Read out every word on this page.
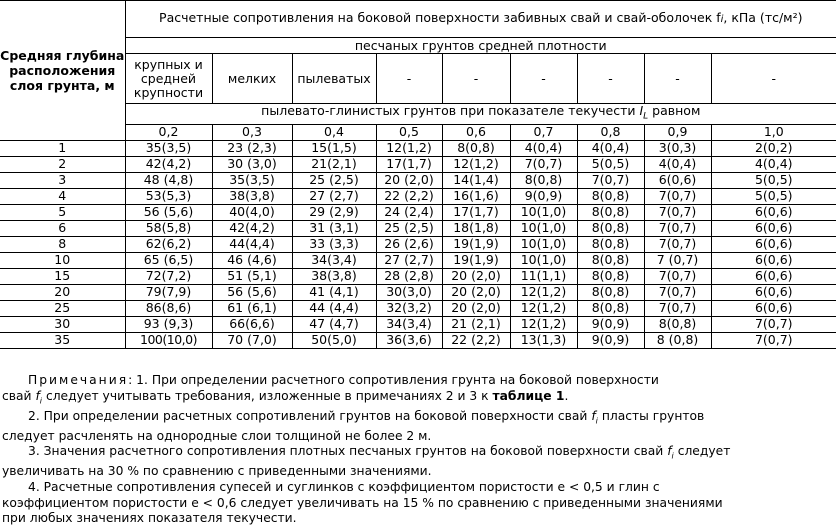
Средняя глубина расположения слоя грунта, м	Расчетные сопротивления на боковой поверхности забивных свай и свай-оболочек fi, кПа (тс/м²)								
	песчаных грунтов средней плотности								
	крупных и средней крупности	мелких	пылеватых	-	-	-	-	-	-
	пылевато-глинистых грунтов при показателе текучести $I_L$ равном								
	0,2	0,3	0,4	0,5	0,6	0,7	0,8	0,9	1,0
1	35(3,5)	23 (2,3)	15(1,5)	12(1,2)	8(0,8)	4(0,4)	4(0,4)	3(0,3)	2(0,2)
2	42(4,2)	30 (3,0)	21(2,1)	17(1,7)	12(1,2)	7(0,7)	5(0,5)	4(0,4)	4(0,4)
3	48 (4,8)	35(3,5)	25 (2,5)	20 (2,0)	14(1,4)	8(0,8)	7(0,7)	6(0,6)	5(0,5)
4	53(5,3)	38(3,8)	27 (2,7)	22 (2,2)	16(1,6)	9(0,9)	8(0,8)	7(0,7)	5(0,5)
5	56 (5,6)	40(4,0)	29 (2,9)	24 (2,4)	17(1,7)	10(1,0)	8(0,8)	7(0,7)	6(0,6)
6	58(5,8)	42(4,2)	31 (3,1)	25 (2,5)	18(1,8)	10(1,0)	8(0,8)	7(0,7)	6(0,6)
8	62(6,2)	44(4,4)	33 (3,3)	26 (2,6)	19(1,9)	10(1,0)	8(0,8)	7(0,7)	6(0,6)
10	65 (6,5)	46 (4,6)	34(3,4)	27 (2,7)	19(1,9)	10(1,0)	8(0,8)	7 (0,7)	6(0,6)
15	72(7,2)	51 (5,1)	38(3,8)	28 (2,8)	20 (2,0)	11(1,1)	8(0,8)	7(0,7)	6(0,6)
20	79(7,9)	56 (5,6)	41 (4,1)	30(3,0)	20 (2,0)	12(1,2)	8(0,8)	7(0,7)	6(0,6)
25	86(8,6)	61 (6,1)	44 (4,4)	32(3,2)	20 (2,0)	12(1,2)	8(0,8)	7(0,7)	6(0,6)
30	93 (9,3)	66(6,6)	47 (4,7)	34(3,4)	21 (2,1)	12(1,2)	9(0,9)	8(0,8)	7(0,7)
35	100(10,0)	70 (7,0)	50(5,0)	36(3,6)	22 (2,2)	13(1,3)	9(0,9)	8 (0,8)	7(0,7)

Примечания: 1. При определении расчетного сопротивления грунта на боковой поверхности

свай $f_i$ следует учитывать требования, изложенные в примечаниях 2 и 3 к таблице 1.

2. При определении расчетных сопротивлений грунтов на боковой поверхности свай $f_i$ пласты грунтов

следует расчленять на однородные слои толщиной не более 2 м.

3. Значения расчетного сопротивления плотных песчаных грунтов на боковой поверхности свай $f_i$ следует

увеличивать на 30 % по сравнению с приведенными значениями.

4. Расчетные сопротивления супесей и суглинков с коэффициентом пористости е < 0,5 и глин с

коэффициентом пористости е < 0,6 следует увеличивать на 15 % по сравнению с приведенными значениями

при любых значениях показателя текучести.
